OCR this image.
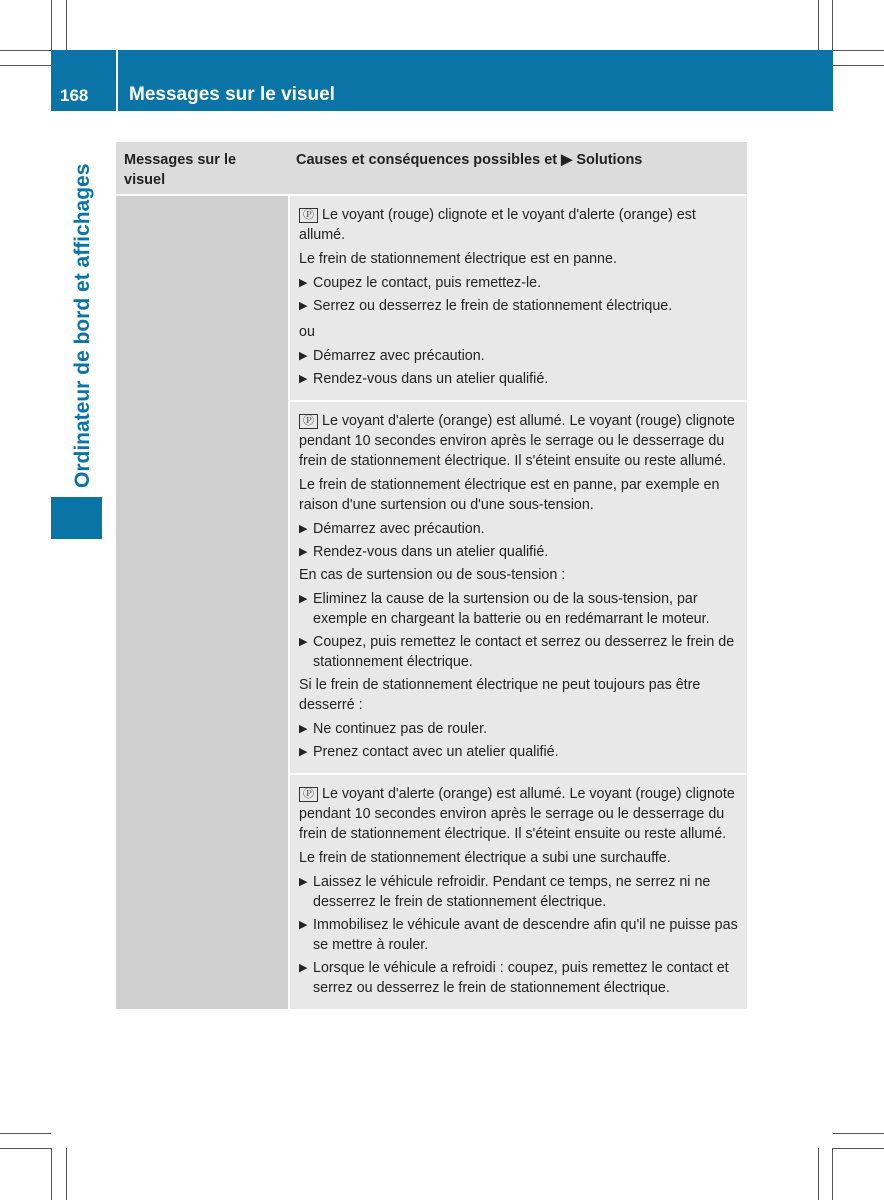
168 Messages sur le visuel
Ordinateur de bord et affichages
Messages sur le visuel
Causes et conséquences possibles et ▶ Solutions
Ⓟ Le voyant (rouge) clignote et le voyant d'alerte (orange) est allumé.
Le frein de stationnement électrique est en panne.
▶ Coupez le contact, puis remettez-le.
▶ Serrez ou desserrez le frein de stationnement électrique.
ou
▶ Démarrez avec précaution.
▶ Rendez-vous dans un atelier qualifié.
Ⓟ Le voyant d'alerte (orange) est allumé. Le voyant (rouge) clignote pendant 10 secondes environ après le serrage ou le desserrage du frein de stationnement électrique. Il s'éteint ensuite ou reste allumé.
Le frein de stationnement électrique est en panne, par exemple en raison d'une surtension ou d'une sous-tension.
▶ Démarrez avec précaution.
▶ Rendez-vous dans un atelier qualifié.
En cas de surtension ou de sous-tension :
▶ Eliminez la cause de la surtension ou de la sous-tension, par exemple en chargeant la batterie ou en redémarrant le moteur.
▶ Coupez, puis remettez le contact et serrez ou desserrez le frein de stationnement électrique.
Si le frein de stationnement électrique ne peut toujours pas être desserré :
▶ Ne continuez pas de rouler.
▶ Prenez contact avec un atelier qualifié.
Ⓟ Le voyant d'alerte (orange) est allumé. Le voyant (rouge) clignote pendant 10 secondes environ après le serrage ou le desserrage du frein de stationnement électrique. Il s'éteint ensuite ou reste allumé.
Le frein de stationnement électrique a subi une surchauffe.
▶ Laissez le véhicule refroidir. Pendant ce temps, ne serrez ni ne desserrez le frein de stationnement électrique.
▶ Immobilisez le véhicule avant de descendre afin qu'il ne puisse pas se mettre à rouler.
▶ Lorsque le véhicule a refroidi : coupez, puis remettez le contact et serrez ou desserrez le frein de stationnement électrique.
